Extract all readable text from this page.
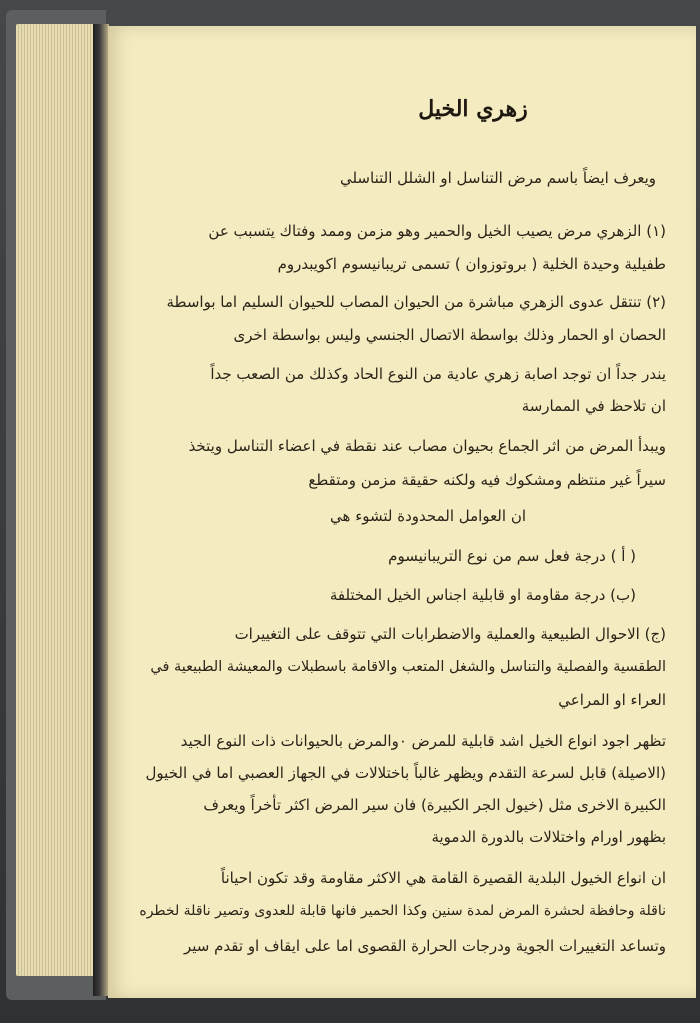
زهري الخيل
ويعرف ايضاً باسم مرض التناسل او الشلل التناسلي
(١) الزهري مرض يصيب الخيل والحمير وهو مزمن وممد وفتاك يتسبب عن
طفيلية وحيدة الخلية ( بروتوزوان ) تسمى تريبانيسوم اكويبدروم
(٢) تنتقل عدوى الزهري مباشرة من الحيوان المصاب للحيوان السليم اما بواسطة
الحصان او الحمار وذلك بواسطة الاتصال الجنسي وليس بواسطة اخرى
يندر جداً ان توجد اصابة زهري عادية من النوع الحاد وكذلك من الصعب جداً
ان تلاحظ في الممارسة
ويبدأ المرض من اثر الجماع بحيوان مصاب عند نقطة في اعضاء التناسل ويتخذ
سيراً غير منتظم ومشكوك فيه ولكنه حقيقة مزمن ومتقطع
ان العوامل المحدودة لتشوء هي
( أ ) درجة فعل سم من نوع التريبانيسوم
(ب) درجة مقاومة او قابلية اجناس الخيل المختلفة
(ج) الاحوال الطبيعية والعملية والاضطرابات التي تتوقف على التغييرات
الطقسية والفصلية والتناسل والشغل المتعب والاقامة باسطبلات والمعيشة الطبيعية في
العراء او المراعي
تظهر اجود انواع الخيل اشد قابلية للمرض ٠والمرض بالحيوانات ذات النوع الجيد
(الاصيلة) قابل لسرعة التقدم ويظهر غالباً باختلالات في الجهاز العصبي اما في الخيول
الكبيرة الاخرى مثل (خيول الجر الكبيرة) فان سير المرض اكثر تأخراً ويعرف
بظهور اورام واختلالات بالدورة الدموية
ان انواع الخيول البلدية القصيرة القامة هي الاكثر مقاومة وقد تكون احياناً
ناقلة وحافظة لحشرة المرض لمدة سنين وكذا الحمير فانها قابلة للعدوى وتصير ناقلة لخطره
وتساعد التغييرات الجوية ودرجات الحرارة القصوى اما على ايقاف او تقدم سير
